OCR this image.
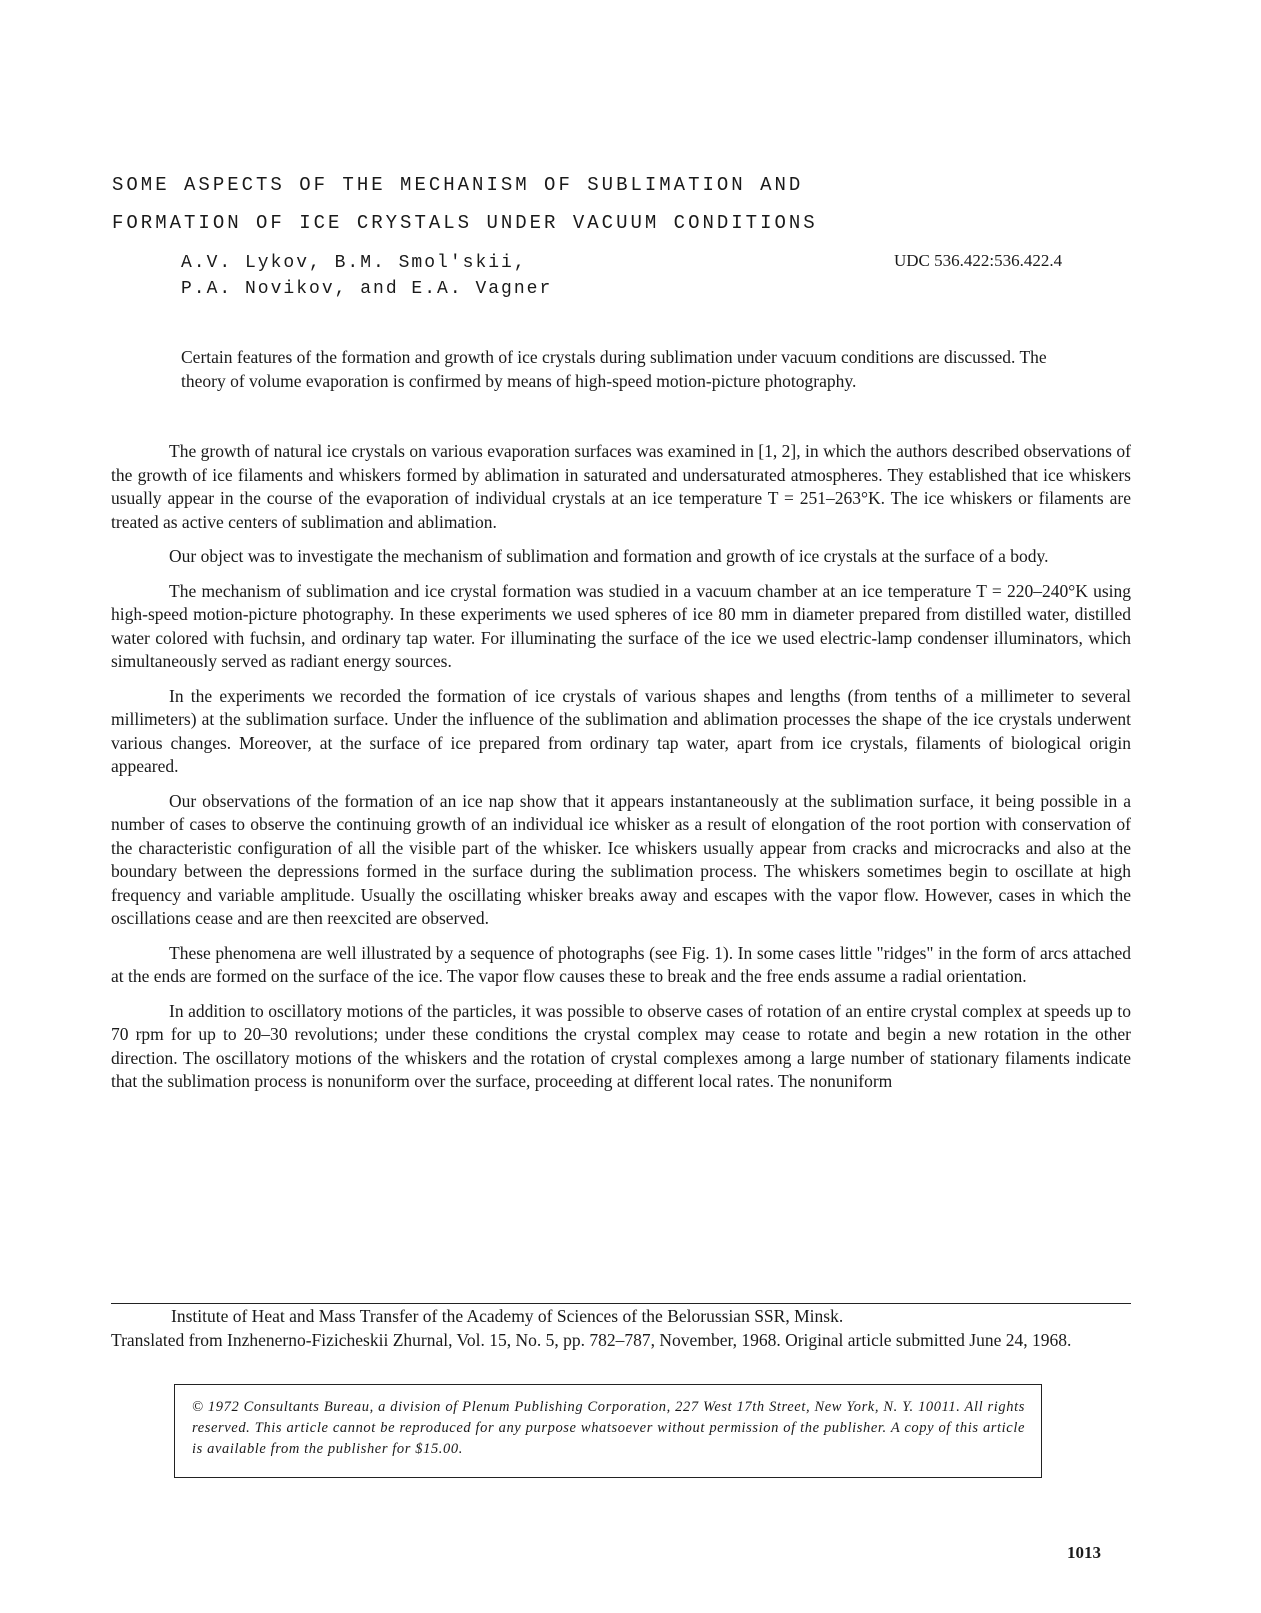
SOME ASPECTS OF THE MECHANISM OF SUBLIMATION AND
FORMATION OF ICE CRYSTALS UNDER VACUUM CONDITIONS
A.V. Lykov, B.M. Smol'skii,
P.A. Novikov, and E.A. Vagner
UDC 536.422:536.422.4
Certain features of the formation and growth of ice crystals during sublimation under vacuum conditions are discussed. The theory of volume evaporation is confirmed by means of high-speed motion-picture photography.

The growth of natural ice crystals on various evaporation surfaces was examined in [1, 2], in which the authors described observations of the growth of ice filaments and whiskers formed by ablimation in saturated and undersaturated atmospheres. They established that ice whiskers usually appear in the course of the evaporation of individual crystals at an ice temperature T = 251–263°K. The ice whiskers or filaments are treated as active centers of sublimation and ablimation.

Our object was to investigate the mechanism of sublimation and formation and growth of ice crystals at the surface of a body.

The mechanism of sublimation and ice crystal formation was studied in a vacuum chamber at an ice temperature T = 220–240°K using high-speed motion-picture photography. In these experiments we used spheres of ice 80 mm in diameter prepared from distilled water, distilled water colored with fuchsin, and ordinary tap water. For illuminating the surface of the ice we used electric-lamp condenser illuminators, which simultaneously served as radiant energy sources.

In the experiments we recorded the formation of ice crystals of various shapes and lengths (from tenths of a millimeter to several millimeters) at the sublimation surface. Under the influence of the sublimation and ablimation processes the shape of the ice crystals underwent various changes. Moreover, at the surface of ice prepared from ordinary tap water, apart from ice crystals, filaments of biological origin appeared.

Our observations of the formation of an ice nap show that it appears instantaneously at the sublimation surface, it being possible in a number of cases to observe the continuing growth of an individual ice whisker as a result of elongation of the root portion with conservation of the characteristic configuration of all the visible part of the whisker. Ice whiskers usually appear from cracks and microcracks and also at the boundary between the depressions formed in the surface during the sublimation process. The whiskers sometimes begin to oscillate at high frequency and variable amplitude. Usually the oscillating whisker breaks away and escapes with the vapor flow. However, cases in which the oscillations cease and are then reexcited are observed.

These phenomena are well illustrated by a sequence of photographs (see Fig. 1). In some cases little "ridges" in the form of arcs attached at the ends are formed on the surface of the ice. The vapor flow causes these to break and the free ends assume a radial orientation.

In addition to oscillatory motions of the particles, it was possible to observe cases of rotation of an entire crystal complex at speeds up to 70 rpm for up to 20–30 revolutions; under these conditions the crystal complex may cease to rotate and begin a new rotation in the other direction. The oscillatory motions of the whiskers and the rotation of crystal complexes among a large number of stationary filaments indicate that the sublimation process is nonuniform over the surface, proceeding at different local rates. The nonuniform

Institute of Heat and Mass Transfer of the Academy of Sciences of the Belorussian SSR, Minsk.

Translated from Inzhenerno-Fizicheskii Zhurnal, Vol. 15, No. 5, pp. 782–787, November, 1968. Original article submitted June 24, 1968.

© 1972 Consultants Bureau, a division of Plenum Publishing Corporation, 227 West 17th Street, New York, N. Y. 10011. All rights reserved. This article cannot be reproduced for any purpose whatsoever without permission of the publisher. A copy of this article is available from the publisher for $15.00.
1013
